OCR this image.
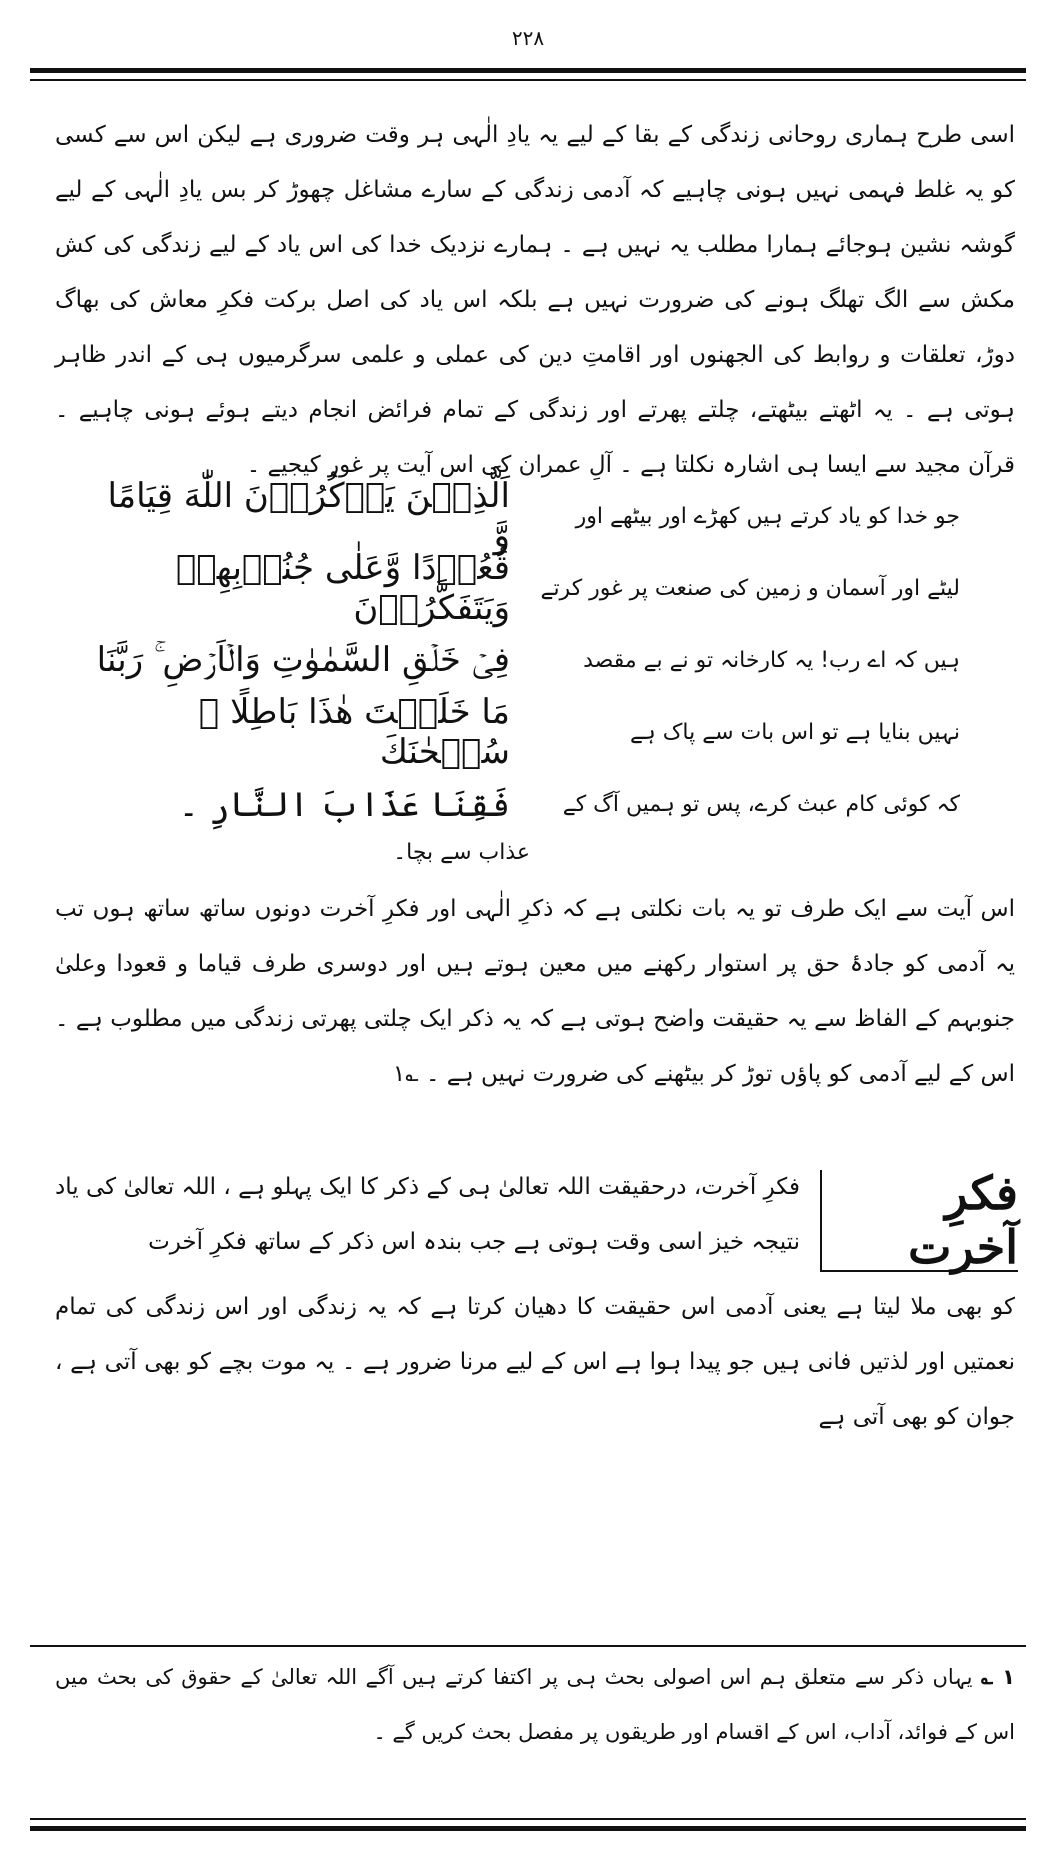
۲۲۸
اسی طرح ہماری روحانی زندگی کے بقا کے لیے یہ یادِ الٰہی ہر وقت ضروری ہے لیکن اس سے کسی کو یہ غلط فہمی نہیں ہونی چاہیے کہ آدمی زندگی کے سارے مشاغل چھوڑ کر بس یادِ الٰہی کے لیے گوشہ نشین ہوجائے ہمارا مطلب یہ نہیں ہے ۔ ہمارے نزدیک خدا کی اس یاد کے لیے زندگی کی کش مکش سے الگ تھلگ ہونے کی ضرورت نہیں ہے بلکہ اس یاد کی اصل برکت فکرِ معاش کی بھاگ دوڑ، تعلقات و روابط کی الجھنوں اور اقامتِ دین کی عملی و علمی سرگرمیوں ہی کے اندر ظاہر ہوتی ہے ۔ یہ اٹھتے بیٹھتے، چلتے پھرتے اور زندگی کے تمام فرائض انجام دیتے ہوئے ہونی چاہیے ۔ قرآن مجید سے ایسا ہی اشارہ نکلتا ہے ۔ آلِ عمران کی اس آیت پر غور کیجیے ۔
اَلَّذِیۡنَ یَذۡكُرُوۡنَ اللّٰهَ قِیَامًا وَّ	جو خدا کو یاد کرتے ہیں کھڑے اور بیٹھے اور
قُعُوۡدًا وَّعَلٰی جُنُوۡبِهِمۡ وَیَتَفَكَّرُوۡنَ لیٹے اور آسمان و زمین کی صنعت پر غور کرتے
فِیۡ خَلۡقِ السَّمٰوٰتِ وَالۡاَرۡضِ ۚ رَبَّنَا	ہیں کہ اے رب! یہ کارخانہ تو نے بے مقصد
مَا خَلَقۡتَ هٰذَا بَاطِلًا ۚ سُبۡحٰنَكَ	نہیں بنایا ہے تو اس بات سے پاک ہے
فَقِنَا عَذَابَ النَّارِ ۔	کہ کوئی کام عبث کرے، پس تو ہمیں آگ کے
عذاب سے بچا۔
اس آیت سے ایک طرف تو یہ بات نکلتی ہے کہ ذکرِ الٰہی اور فکرِ آخرت دونوں ساتھ ساتھ ہوں تب یہ آدمی کو جادۂ حق پر استوار رکھنے میں معین ہوتے ہیں اور دوسری طرف قیاما و قعودا وعلیٰ جنوبہم کے الفاظ سے یہ حقیقت واضح ہوتی ہے کہ یہ ذکر ایک چلتی پھرتی زندگی میں مطلوب ہے ۔ اس کے لیے آدمی کو پاؤں توڑ کر بیٹھنے کی ضرورت نہیں ہے ۔ ؎۱
فکرِ آخرت
فکرِ آخرت، درحقیقت اللہ تعالیٰ ہی کے ذکر کا ایک پہلو ہے ، اللہ تعالیٰ کی یاد نتیجہ خیز اسی وقت ہوتی ہے جب بندہ اس ذکر کے ساتھ فکرِ آخرت
کو بھی ملا لیتا ہے یعنی آدمی اس حقیقت کا دھیان کرتا ہے کہ یہ زندگی اور اس زندگی کی تمام نعمتیں اور لذتیں فانی ہیں جو پیدا ہوا ہے اس کے لیے مرنا ضرور ہے ۔ یہ موت بچے کو بھی آتی ہے ، جوان کو بھی آتی ہے
۱ ؎ یہاں ذکر سے متعلق ہم اس اصولی بحث ہی پر اکتفا کرتے ہیں آگے اللہ تعالیٰ کے حقوق کی بحث میں اس کے فوائد، آداب، اس کے اقسام اور طریقوں پر مفصل بحث کریں گے ۔
